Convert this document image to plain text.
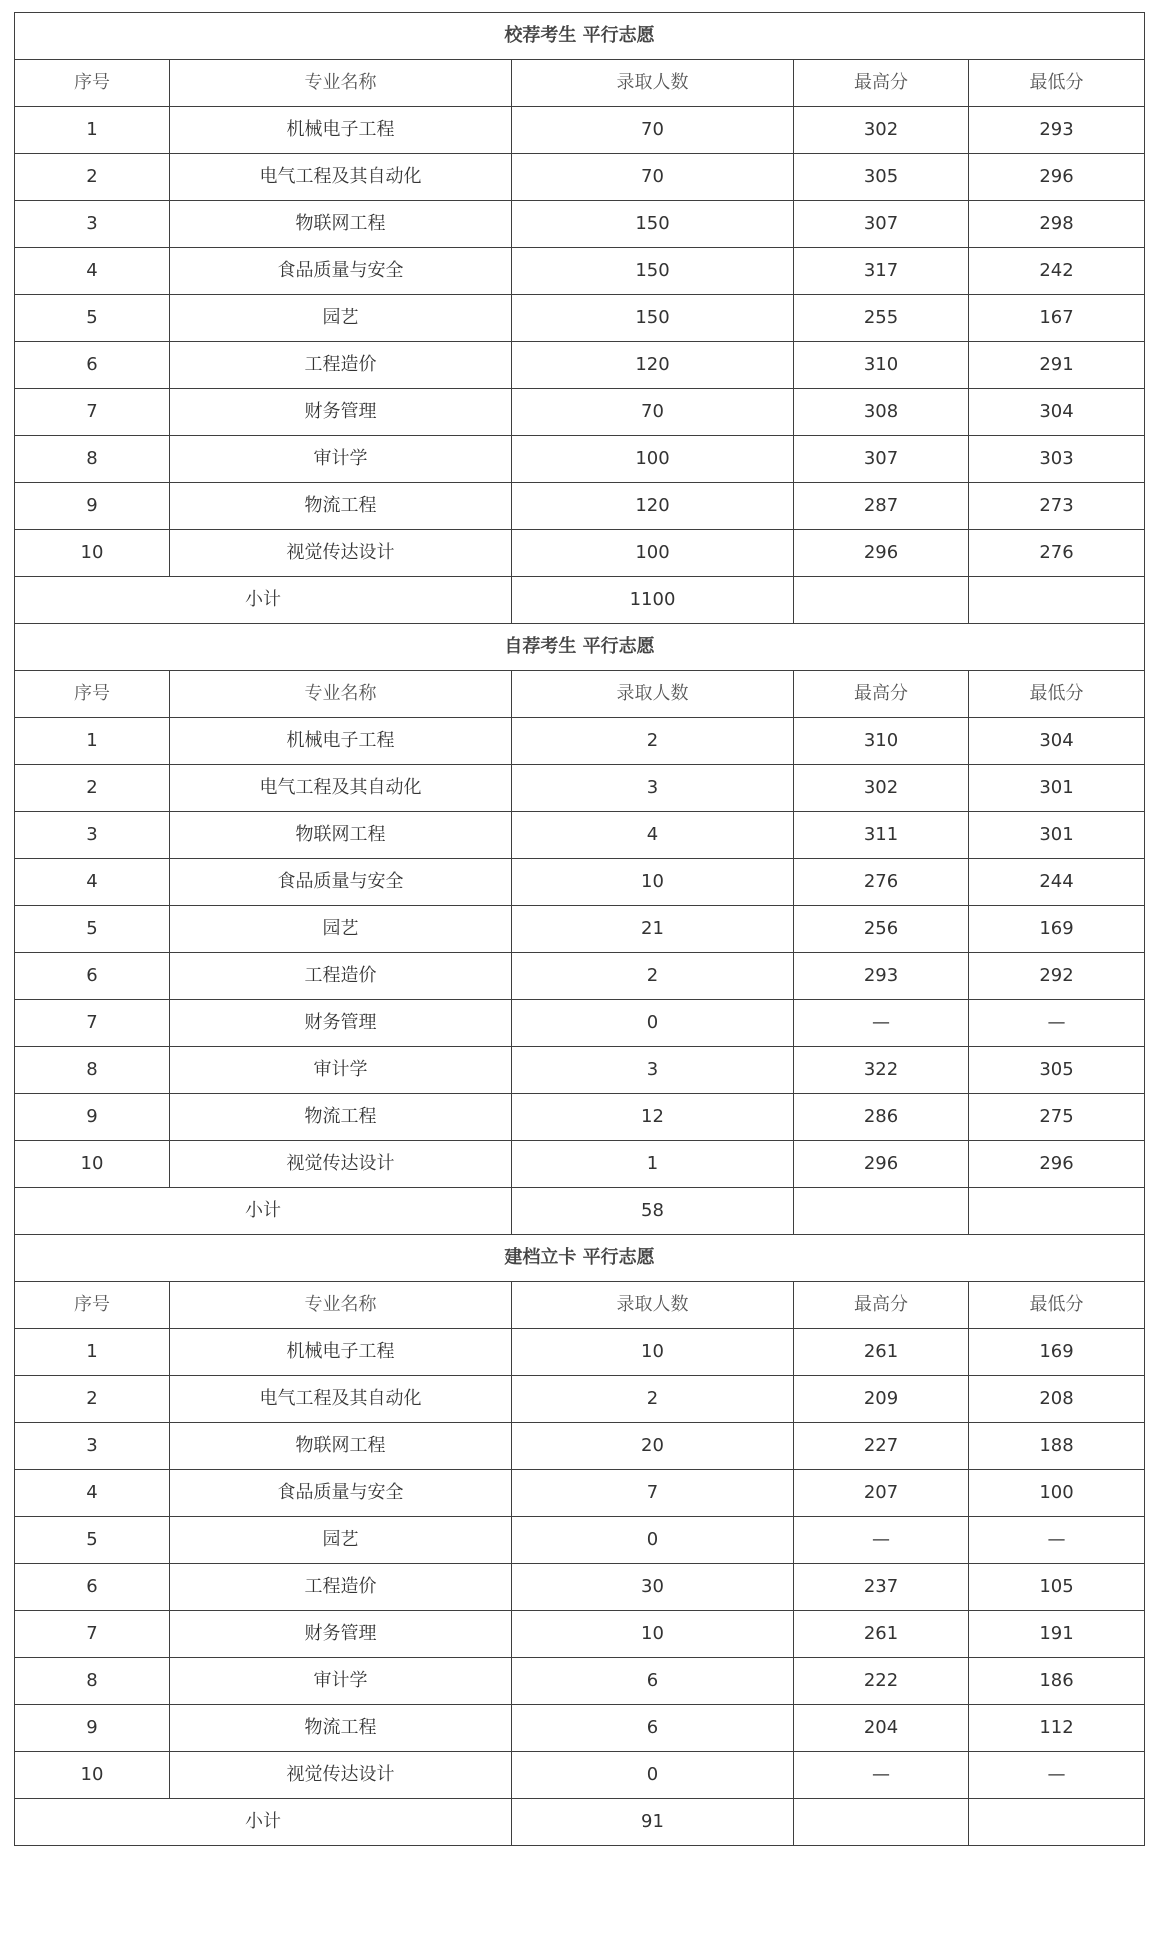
校荐考生 平行志愿				
序号	专业名称	录取人数	最高分	最低分
1	机械电子工程	70	302	293
2	电气工程及其自动化	70	305	296
3	物联网工程	150	307	298
4	食品质量与安全	150	317	242
5	园艺	150	255	167
6	工程造价	120	310	291
7	财务管理	70	308	304
8	审计学	100	307	303
9	物流工程	120	287	273
10	视觉传达设计	100	296	276
小计		1100		
自荐考生 平行志愿				
序号	专业名称	录取人数	最高分	最低分
1	机械电子工程	2	310	304
2	电气工程及其自动化	3	302	301
3	物联网工程	4	311	301
4	食品质量与安全	10	276	244
5	园艺	21	256	169
6	工程造价	2	293	292
7	财务管理	0	—	—
8	审计学	3	322	305
9	物流工程	12	286	275
10	视觉传达设计	1	296	296
小计		58		
建档立卡 平行志愿				
序号	专业名称	录取人数	最高分	最低分
1	机械电子工程	10	261	169
2	电气工程及其自动化	2	209	208
3	物联网工程	20	227	188
4	食品质量与安全	7	207	100
5	园艺	0	—	—
6	工程造价	30	237	105
7	财务管理	10	261	191
8	审计学	6	222	186
9	物流工程	6	204	112
10	视觉传达设计	0	—	—
小计		91		
